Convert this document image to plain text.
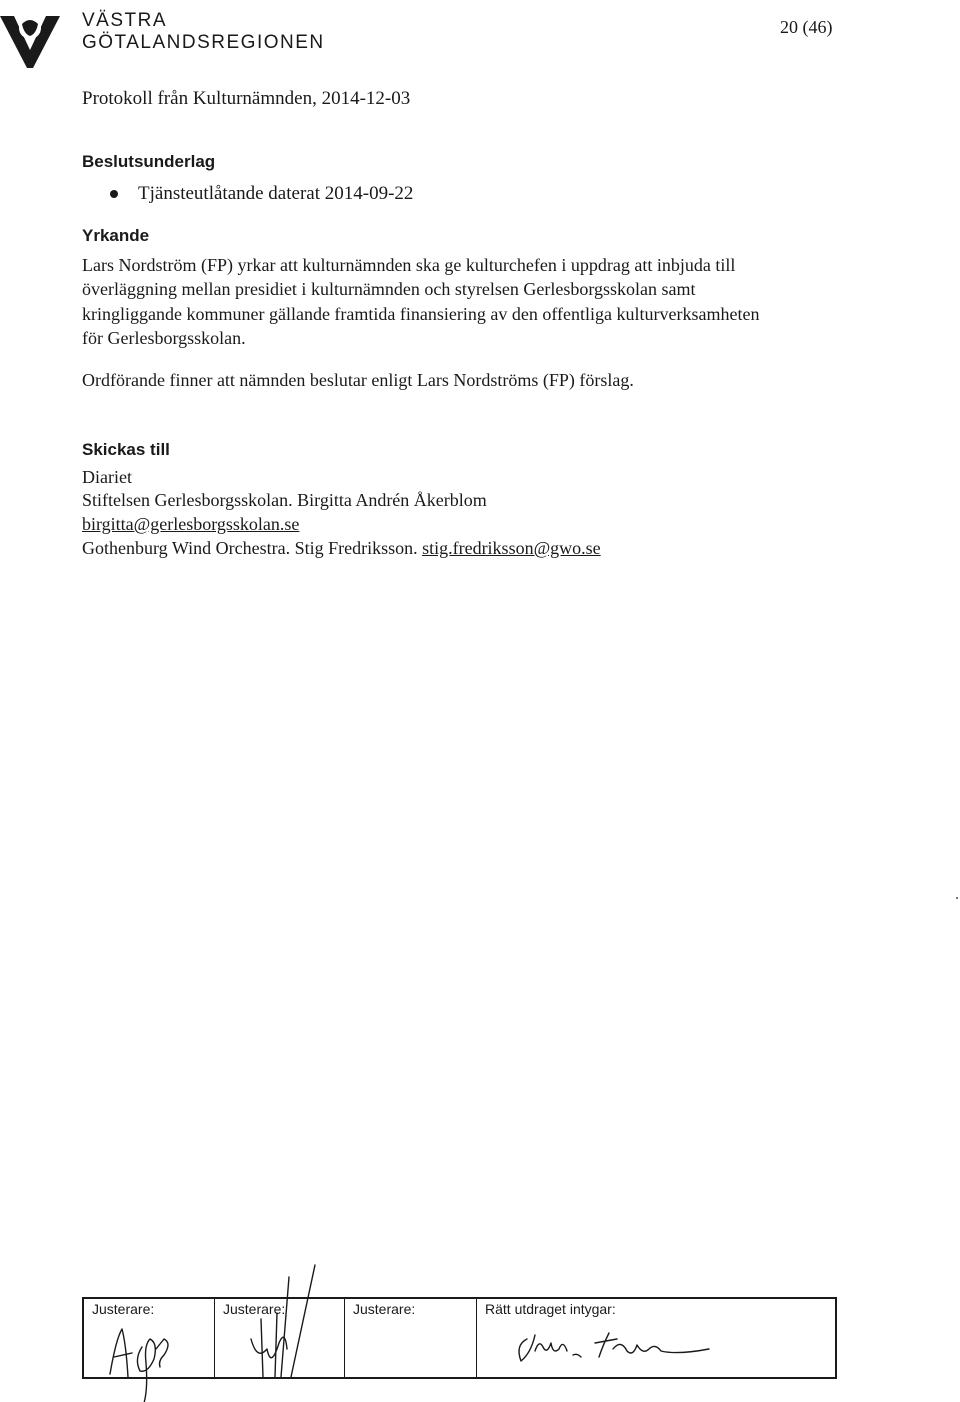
VÄSTRA
GÖTALANDSREGIONEN
20 (46)
Protokoll från Kulturnämnden, 2014-12-03
Beslutsunderlag
Tjänsteutlåtande daterat 2014-09-22
Yrkande
Lars Nordström (FP) yrkar att kulturnämnden ska ge kulturchefen i uppdrag att inbjuda till överläggning mellan presidiet i kulturnämnden och styrelsen Gerlesborgsskolan samt kringliggande kommuner gällande framtida finansiering av den offentliga kulturverksamheten för Gerlesborgsskolan.
Ordförande finner att nämnden beslutar enligt Lars Nordströms (FP) förslag.
Skickas till
Diariet
Stiftelsen Gerlesborgsskolan. Birgitta Andrén Åkerblom
birgitta@gerlesborgsskolan.se
Gothenburg Wind Orchestra. Stig Fredriksson. stig.fredriksson@gwo.se
Justerare:	Justerare:	Justerare:	Rätt utdraget intygar:
